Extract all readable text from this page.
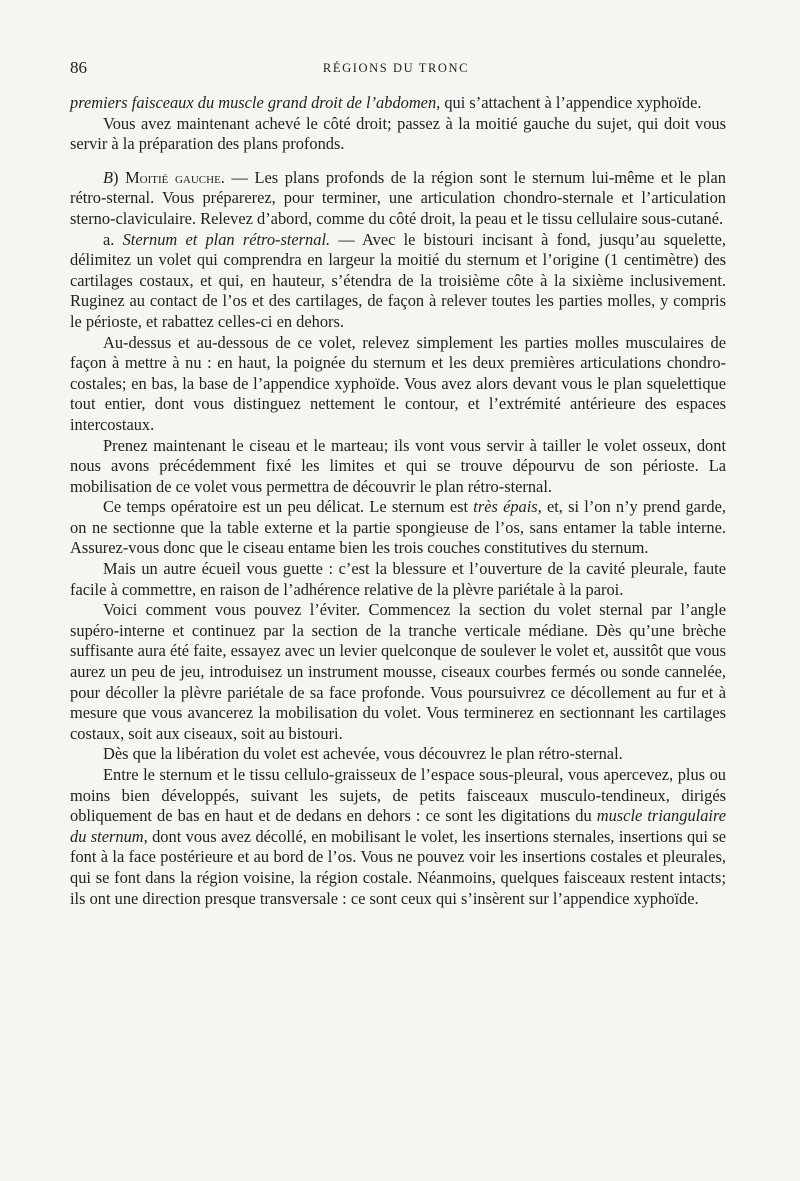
86	RÉGIONS DU TRONC

premiers faisceaux du muscle grand droit de l’abdomen, qui s’attachent à l’appendice xyphoïde.

Vous avez maintenant achevé le côté droit; passez à la moitié gauche du sujet, qui doit vous servir à la préparation des plans profonds.

B) Moitié gauche. — Les plans profonds de la région sont le sternum lui-même et le plan rétro-sternal. Vous préparerez, pour terminer, une articulation chondro-sternale et l’articulation sterno-claviculaire. Relevez d’abord, comme du côté droit, la peau et le tissu cellulaire sous-cutané.

a. Sternum et plan rétro-sternal. — Avec le bistouri incisant à fond, jusqu’au squelette, délimitez un volet qui comprendra en largeur la moitié du sternum et l’origine (1 centimètre) des cartilages costaux, et qui, en hauteur, s’étendra de la troisième côte à la sixième inclusivement. Ruginez au contact de l’os et des cartilages, de façon à relever toutes les parties molles, y compris le périoste, et rabattez celles-ci en dehors.

Au-dessus et au-dessous de ce volet, relevez simplement les parties molles musculaires de façon à mettre à nu : en haut, la poignée du sternum et les deux premières articulations chondro-costales; en bas, la base de l’appendice xyphoïde. Vous avez alors devant vous le plan squelettique tout entier, dont vous distinguez nettement le contour, et l’extrémité antérieure des espaces intercostaux.

Prenez maintenant le ciseau et le marteau; ils vont vous servir à tailler le volet osseux, dont nous avons précédemment fixé les limites et qui se trouve dépourvu de son périoste. La mobilisation de ce volet vous permettra de découvrir le plan rétro-sternal.

Ce temps opératoire est un peu délicat. Le sternum est très épais, et, si l’on n’y prend garde, on ne sectionne que la table externe et la partie spongieuse de l’os, sans entamer la table interne. Assurez-vous donc que le ciseau entame bien les trois couches constitutives du sternum.

Mais un autre écueil vous guette : c’est la blessure et l’ouverture de la cavité pleurale, faute facile à commettre, en raison de l’adhérence relative de la plèvre pariétale à la paroi.

Voici comment vous pouvez l’éviter. Commencez la section du volet sternal par l’angle supéro-interne et continuez par la section de la tranche verticale médiane. Dès qu’une brèche suffisante aura été faite, essayez avec un levier quelconque de soulever le volet et, aussitôt que vous aurez un peu de jeu, introduisez un instrument mousse, ciseaux courbes fermés ou sonde cannelée, pour décoller la plèvre pariétale de sa face profonde. Vous poursuivrez ce décollement au fur et à mesure que vous avancerez la mobilisation du volet. Vous terminerez en sectionnant les cartilages costaux, soit aux ciseaux, soit au bistouri.

Dès que la libération du volet est achevée, vous découvrez le plan rétro-sternal.

Entre le sternum et le tissu cellulo-graisseux de l’espace sous-pleural, vous apercevez, plus ou moins bien développés, suivant les sujets, de petits faisceaux musculo-tendineux, dirigés obliquement de bas en haut et de dedans en dehors : ce sont les digitations du muscle triangulaire du sternum, dont vous avez décollé, en mobilisant le volet, les insertions sternales, insertions qui se font à la face postérieure et au bord de l’os. Vous ne pouvez voir les insertions costales et pleurales, qui se font dans la région voisine, la région costale. Néanmoins, quelques faisceaux restent intacts; ils ont une direction presque transversale : ce sont ceux qui s’insèrent sur l’appendice xyphoïde.
